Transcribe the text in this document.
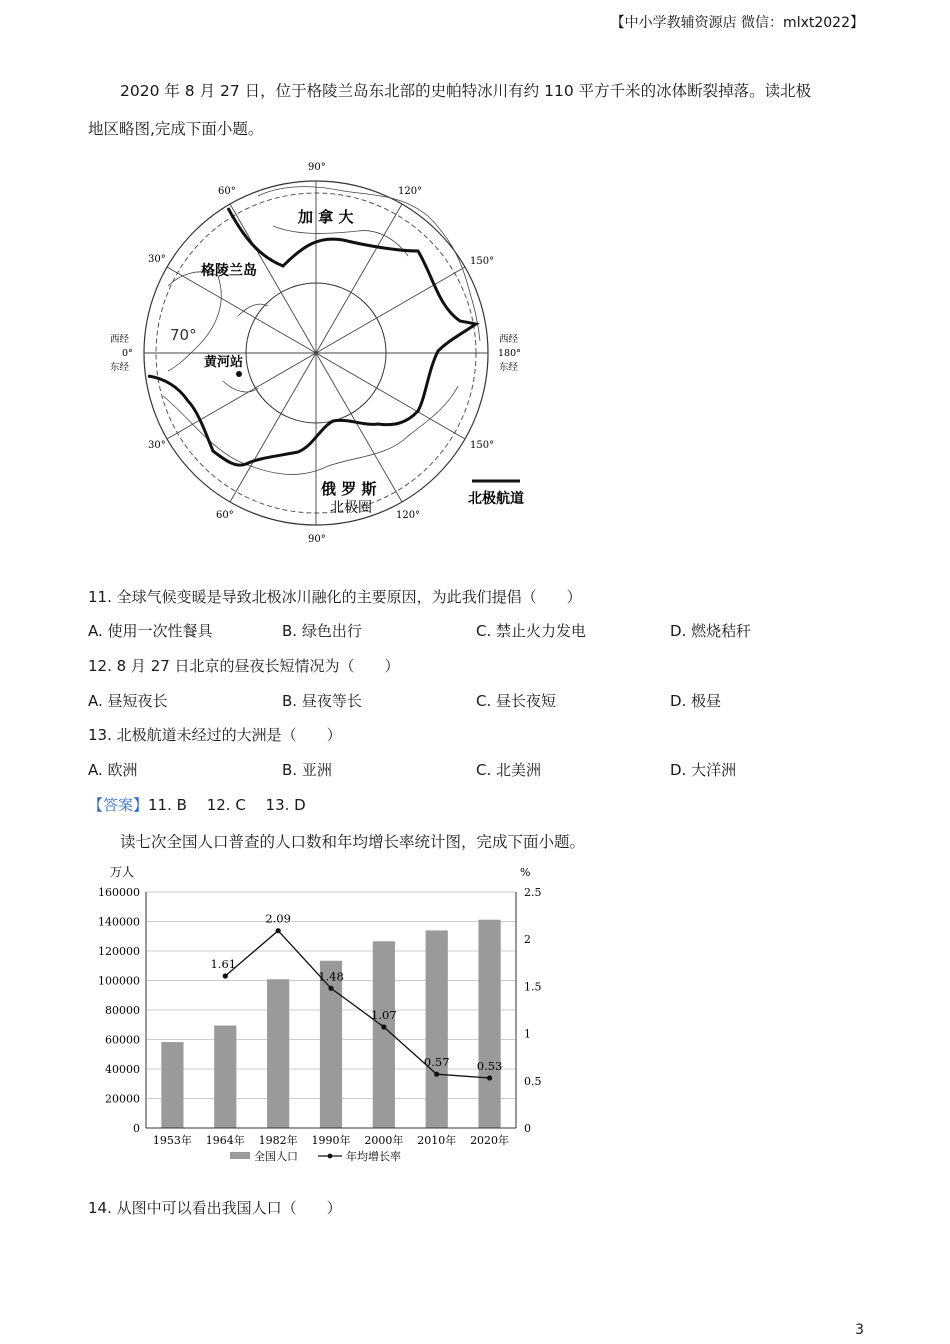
【中小学教辅资源店 微信：mlxt2022】
2020 年 8 月 27 日，位于格陵兰岛东北部的史帕特冰川有约 110 平方千米的冰体断裂掉落。读北极
地区略图,完成下面小题。
90°
90°
60°	120°
30°	150°
30°	150°
60°	120°
西经
0°
东经
西经
180°
东经
70°
加 拿 大
格陵兰岛
黄河站
俄 罗 斯
北极圈
北极航道
11. 全球气候变暖是导致北极冰川融化的主要原因，为此我们提倡（　　）
A. 使用一次性餐具	B. 绿色出行	C. 禁止火力发电	D. 燃烧秸秆
12. 8 月 27 日北京的昼夜长短情况为（　　）
A. 昼短夜长	B. 昼夜等长	C. 昼长夜短	D. 极昼
13. 北极航道未经过的大洲是（　　）
A. 欧洲	B. 亚洲	C. 北美洲	D. 大洋洲
【答案】11. B　 12. C　 13. D
读七次全国人口普查的人口数和年均增长率统计图，完成下面小题。
万人	%
1.61
2.09
1.48
1.07
0.57 0.53
0
20000
40000
60000
80000
100000
120000
140000
160000
0
0.5
1
1.5
2
2.5
1953年 1964年 1982年 1990年 2000年 2010年 2020年
全国人口	年均增长率
14. 从图中可以看出我国人口（　　）
3
